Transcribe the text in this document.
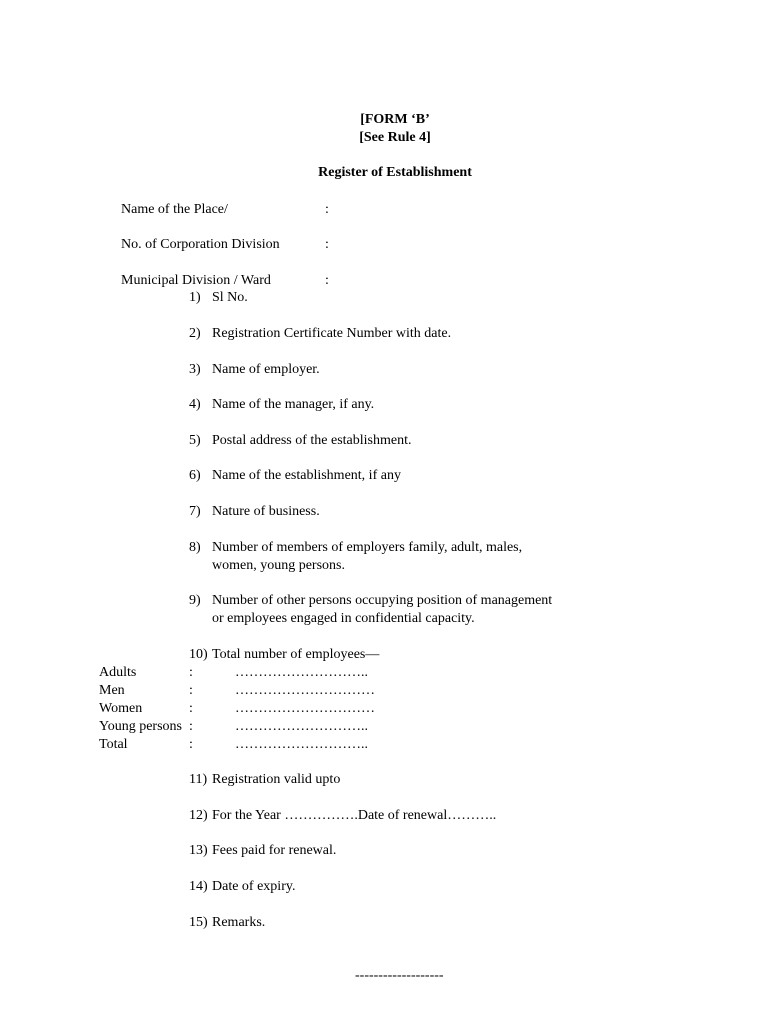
[FORM ‘B’
[See Rule 4]
Register of Establishment
Name of the Place/	:
No. of Corporation Division	:
Municipal Division / Ward	:
1) Sl No.
2) Registration Certificate Number with date.
3) Name of employer.
4) Name of the manager, if any.
5) Postal address of the establishment.
6) Name of the establishment, if any
7) Nature of business.
8) Number of members of employers family, adult, males,
women, young persons.
9) Number of other persons occupying position of management
or employees engaged in confidential capacity.
10) Total number of employees—
Adults	:	………………………..
Men	:	…………………………
Women	:	…………………………
Young persons :	………………………..
Total	:	………………………..
11) Registration valid upto
12) For the Year …………….Date of renewal………..
13) Fees paid for renewal.
14) Date of expiry.
15) Remarks.
-------------------
